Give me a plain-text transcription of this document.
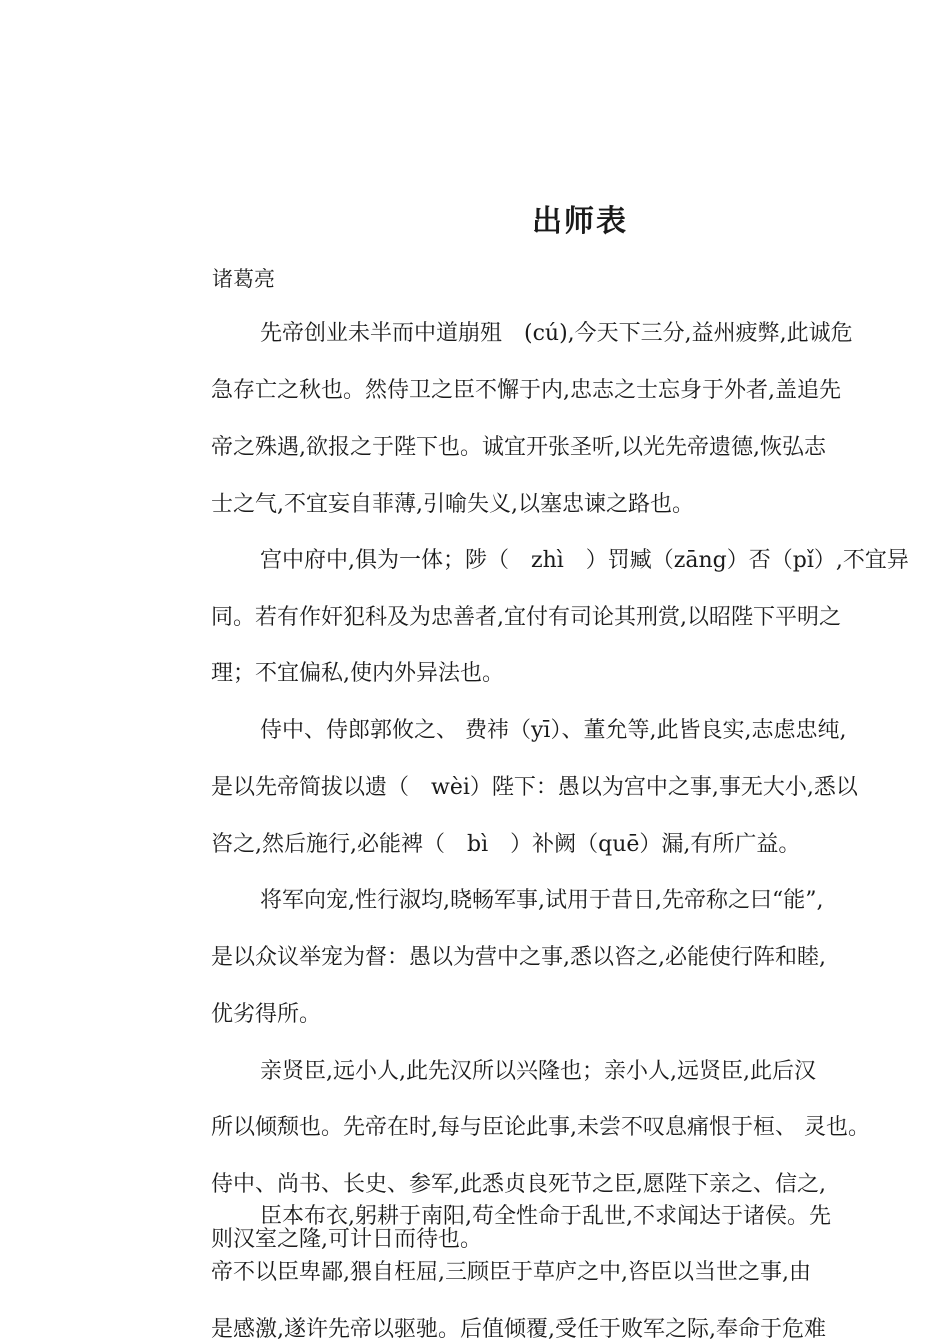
出师表
诸葛亮
先帝创业未半而中道崩殂　(cú),今天下三分,益州疲弊,此诚危
急存亡之秋也。然侍卫之臣不懈于内,忠志之士忘身于外者,盖追先
帝之殊遇,欲报之于陛下也。诚宜开张圣听,以光先帝遗德,恢弘志
士之气,不宜妄自菲薄,引喻失义,以塞忠谏之路也。
宫中府中,俱为一体；陟（　zhì　）罚臧（zāng）否（pǐ）,不宜异
同。若有作奸犯科及为忠善者,宜付有司论其刑赏,以昭陛下平明之
理；不宜偏私,使内外异法也。
侍中、侍郎郭攸之、 费祎（yī）、董允等,此皆良实,志虑忠纯,
是以先帝简拔以遗（　wèi）陛下：愚以为宫中之事,事无大小,悉以
咨之,然后施行,必能裨（　bì　）补阙（quē）漏,有所广益。
将军向宠,性行淑均,晓畅军事,试用于昔日,先帝称之曰“能”,
是以众议举宠为督：愚以为营中之事,悉以咨之,必能使行阵和睦,
优劣得所。
亲贤臣,远小人,此先汉所以兴隆也；亲小人,远贤臣,此后汉
所以倾颓也。先帝在时,每与臣论此事,未尝不叹息痛恨于桓、 灵也。
侍中、尚书、长史、参军,此悉贞良死节之臣,愿陛下亲之、信之,
臣本布衣,躬耕于南阳,苟全性命于乱世,不求闻达于诸侯。先
则汉室之隆,可计日而待也。
帝不以臣卑鄙,猥自枉屈,三顾臣于草庐之中,咨臣以当世之事,由
是感激,遂许先帝以驱驰。后值倾覆,受任于败军之际,奉命于危难
